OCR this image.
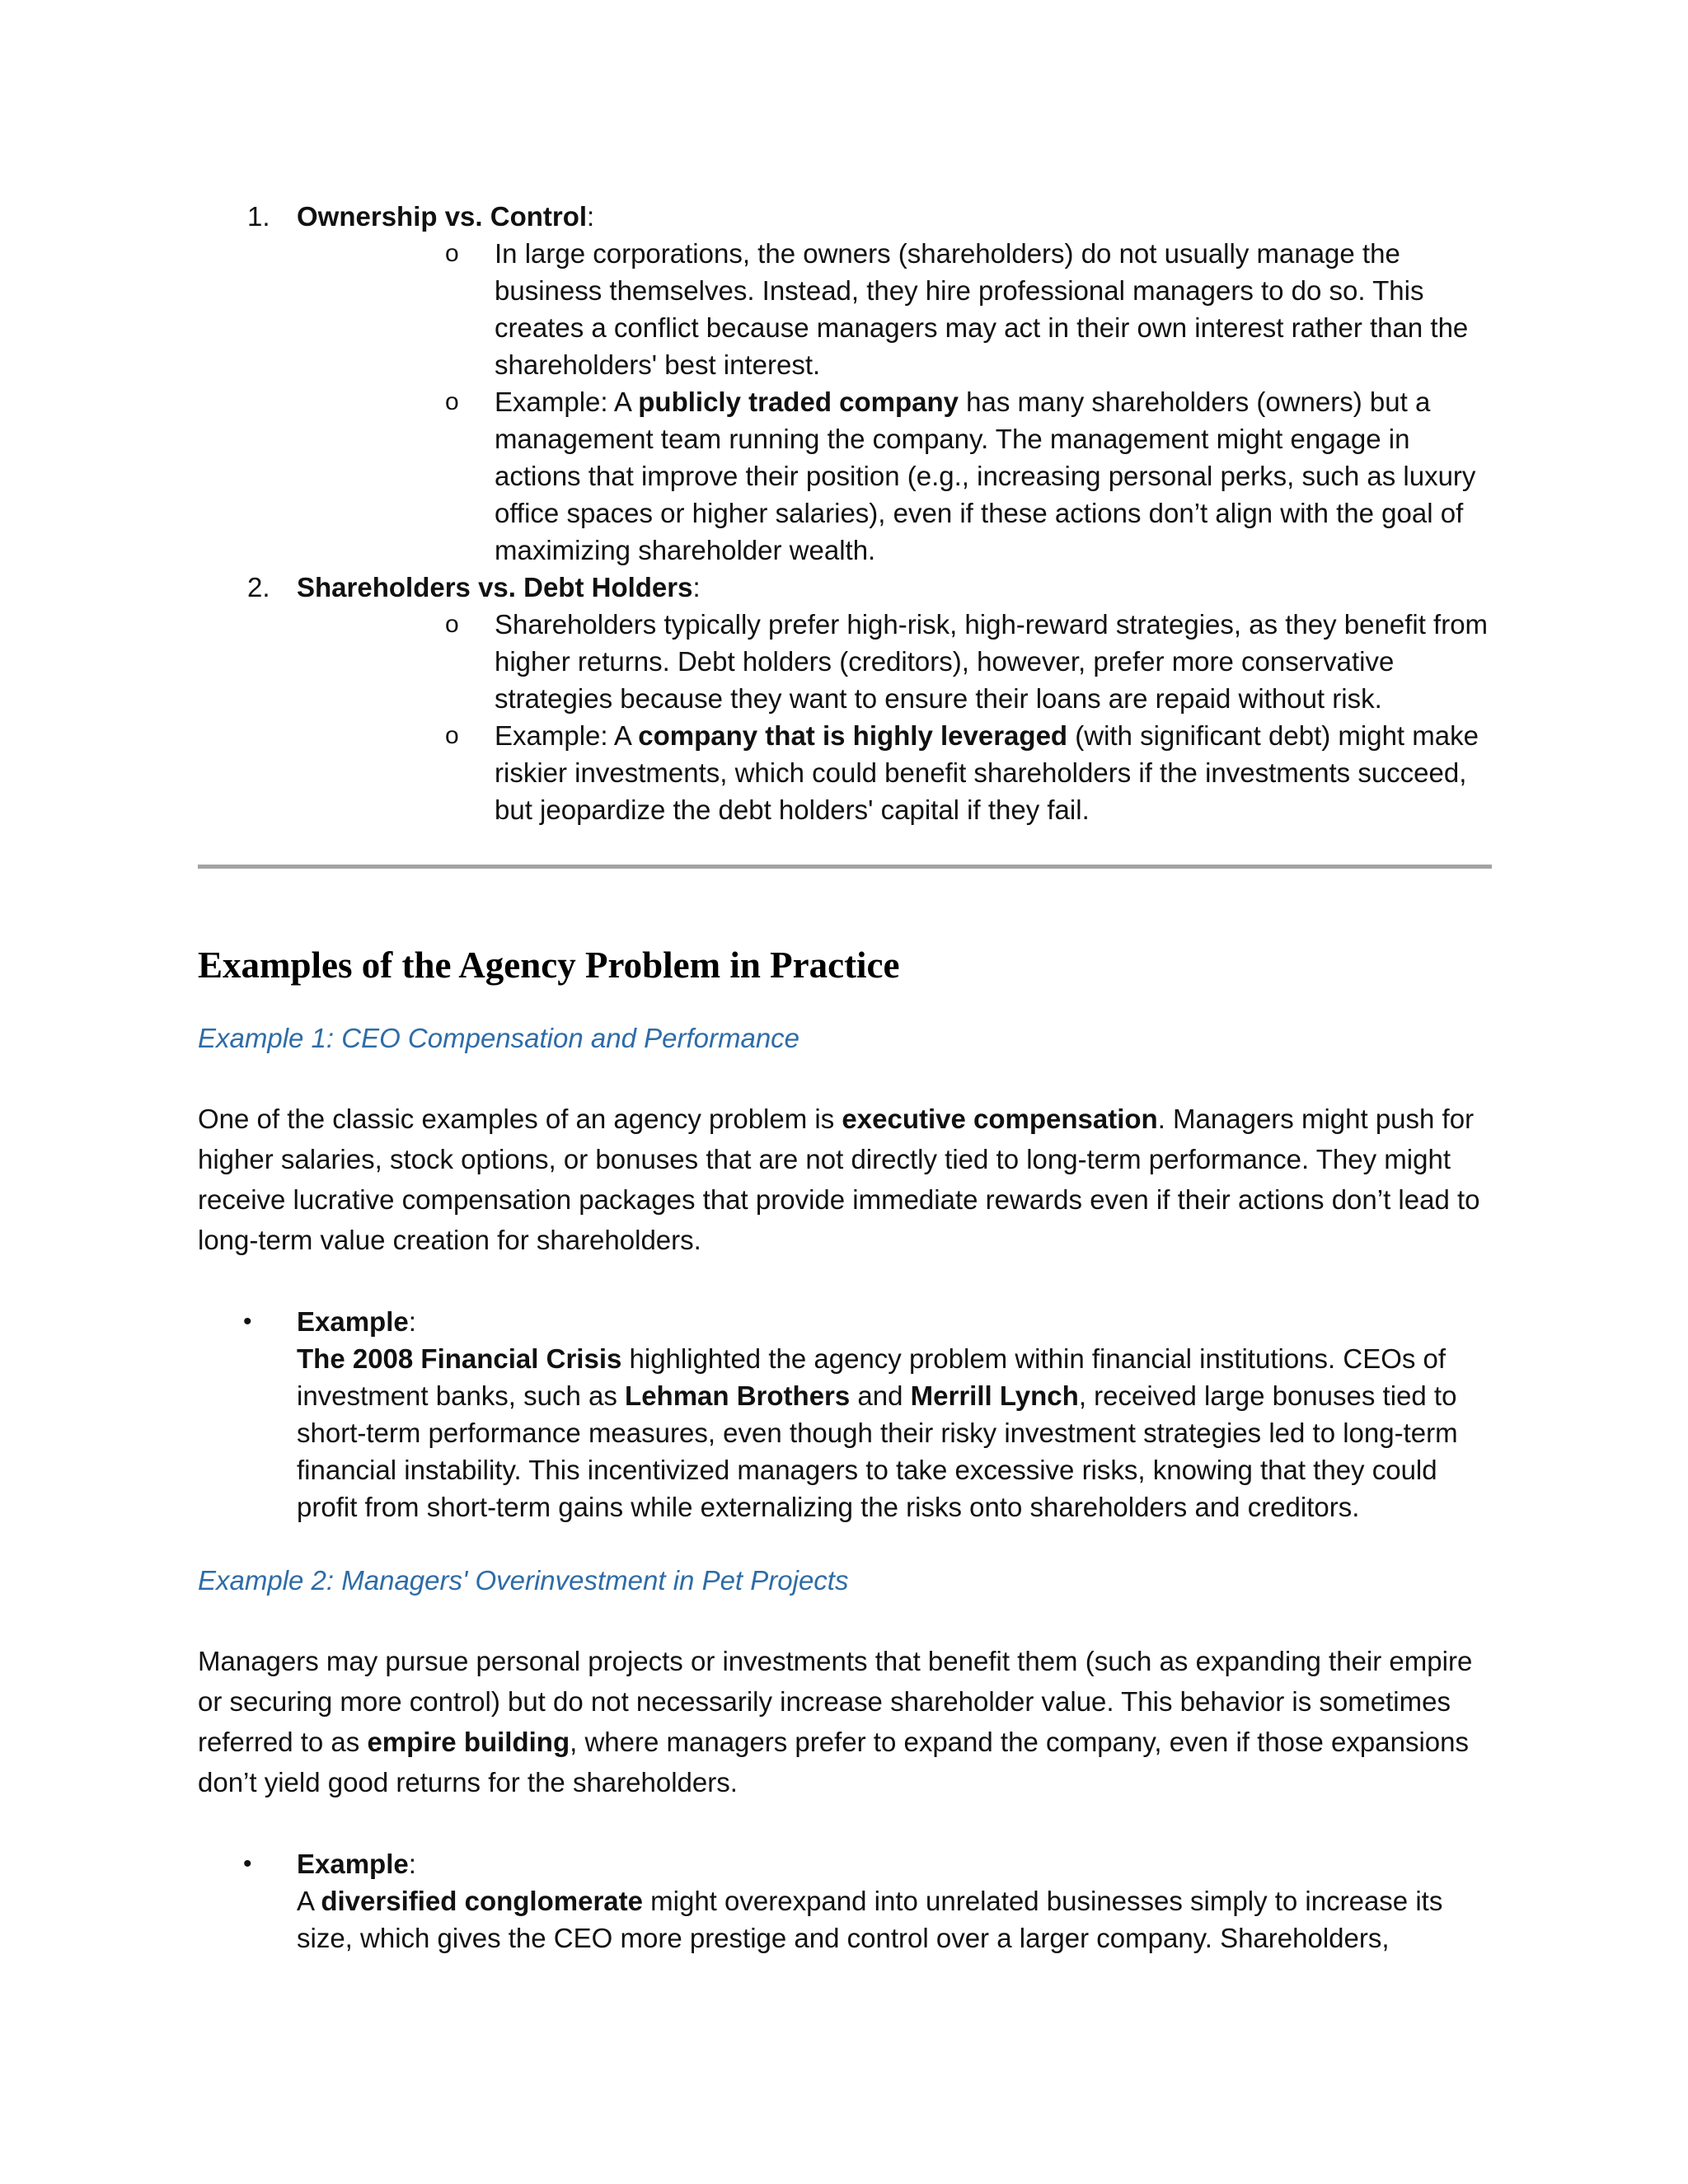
1. Ownership vs. Control:
o In large corporations, the owners (shareholders) do not usually manage the business themselves. Instead, they hire professional managers to do so. This creates a conflict because managers may act in their own interest rather than the shareholders' best interest.
o Example: A publicly traded company has many shareholders (owners) but a management team running the company. The management might engage in actions that improve their position (e.g., increasing personal perks, such as luxury office spaces or higher salaries), even if these actions don’t align with the goal of maximizing shareholder wealth.
2. Shareholders vs. Debt Holders:
o Shareholders typically prefer high-risk, high-reward strategies, as they benefit from higher returns. Debt holders (creditors), however, prefer more conservative strategies because they want to ensure their loans are repaid without risk.
o Example: A company that is highly leveraged (with significant debt) might make riskier investments, which could benefit shareholders if the investments succeed, but jeopardize the debt holders' capital if they fail.
Examples of the Agency Problem in Practice
Example 1: CEO Compensation and Performance

One of the classic examples of an agency problem is executive compensation. Managers might push for higher salaries, stock options, or bonuses that are not directly tied to long-term performance. They might receive lucrative compensation packages that provide immediate rewards even if their actions don’t lead to long-term value creation for shareholders.

• Example:
The 2008 Financial Crisis highlighted the agency problem within financial institutions. CEOs of investment banks, such as Lehman Brothers and Merrill Lynch, received large bonuses tied to short-term performance measures, even though their risky investment strategies led to long-term financial instability. This incentivized managers to take excessive risks, knowing that they could profit from short-term gains while externalizing the risks onto shareholders and creditors.
Example 2: Managers' Overinvestment in Pet Projects

Managers may pursue personal projects or investments that benefit them (such as expanding their empire or securing more control) but do not necessarily increase shareholder value. This behavior is sometimes referred to as empire building, where managers prefer to expand the company, even if those expansions don’t yield good returns for the shareholders.

• Example:
A diversified conglomerate might overexpand into unrelated businesses simply to increase its size, which gives the CEO more prestige and control over a larger company. Shareholders,
